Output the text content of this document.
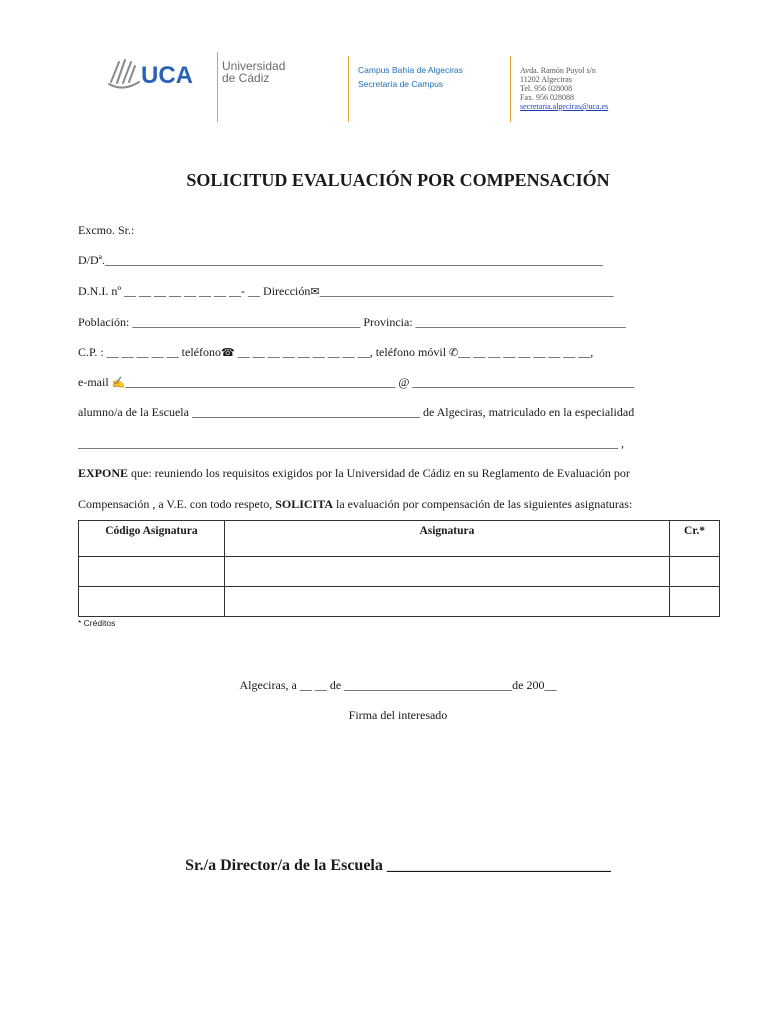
UCA Universidad
de Cádiz
Campus Bahía de Algeciras
Secretaría de Campus
Avda. Ramón Puyol s/n
11202 Algeciras
Tel. 956 028008
Fax. 956 028088
secretaria.algeciras@uca.es
SOLICITUD EVALUACIÓN POR COMPENSACIÓN
Excmo. Sr.:
D/Dª.___________________________________________________________________________________
D.N.I. nº __ __ __ __ __ __ __ __- __ Dirección✉_________________________________________________
Población: ______________________________________ Provincia: ___________________________________
C.P. : __ __ __ __ __ teléfono☎ __ __ __ __ __ __ __ __ __, teléfono móvil ✆__ __ __ __ __ __ __ __ __,
e-mail ✍_____________________________________________ @ _____________________________________
alumno/a de la Escuela ______________________________________ de Algeciras, matriculado en la especialidad
__________________________________________________________________________________________ ,
EXPONE que: reuniendo los requisitos exigidos por la Universidad de Cádiz en su Reglamento de Evaluación por
Compensación , a V.E. con todo respeto, SOLICITA la evaluación por compensación de las siguientes asignaturas:
Código Asignatura	Asignatura	Cr.*

* Créditos
Algeciras, a __ __ de ____________________________de 200__
Firma del interesado
Sr./a Director/a de la Escuela ____________________________
